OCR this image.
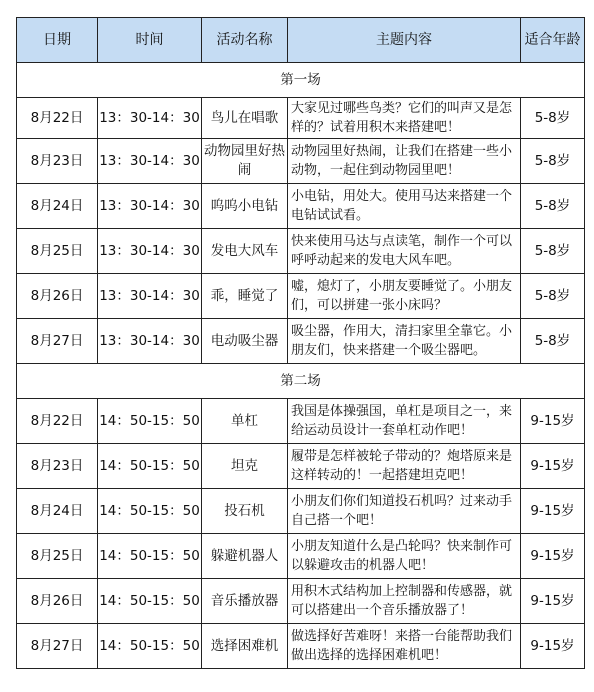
日期	时间	活动名称	主题内容	适合年龄
第一场				
8月22日	13：30-14：30	鸟儿在唱歌	大家见过哪些鸟类？它们的叫声又是怎样的？试着用积木来搭建吧！	5-8岁
8月23日	13：30-14：30	动物园里好热闹	动物园里好热闹，让我们在搭建一些小动物，一起住到动物园里吧！	5-8岁
8月24日	13：30-14：30	呜呜小电钻	小电钻，用处大。使用马达来搭建一个电钻试试看。	5-8岁
8月25日	13：30-14：30	发电大风车	快来使用马达与点读笔，制作一个可以呼呼动起来的发电大风车吧。	5-8岁
8月26日	13：30-14：30	乖，睡觉了	嘘，熄灯了，小朋友要睡觉了。小朋友们，可以拼建一张小床吗？	5-8岁
8月27日	13：30-14：30	电动吸尘器	吸尘器，作用大，清扫家里全靠它。小朋友们，快来搭建一个吸尘器吧。	5-8岁
第二场				
8月22日	14：50-15：50	单杠	我国是体操强国，单杠是项目之一，来给运动员设计一套单杠动作吧！	9-15岁
8月23日	14：50-15：50	坦克	履带是怎样被轮子带动的？炮塔原来是这样转动的！一起搭建坦克吧！	9-15岁
8月24日	14：50-15：50	投石机	小朋友们你们知道投石机吗？过来动手自己搭一个吧！	9-15岁
8月25日	14：50-15：50	躲避机器人	小朋友知道什么是凸轮吗？快来制作可以躲避攻击的机器人吧！	9-15岁
8月26日	14：50-15：50	音乐播放器	用积木式结构加上控制器和传感器，就可以搭建出一个音乐播放器了！	9-15岁
8月27日	14：50-15：50	选择困难机	做选择好苦难呀！来搭一台能帮助我们做出选择的选择困难机吧！	9-15岁
